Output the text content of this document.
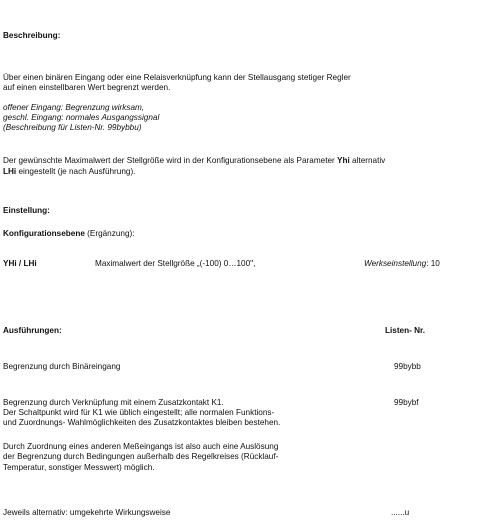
Beschreibung:
Über einen binären Eingang oder eine Relaisverknüpfung kann der Stellausgang stetiger Regler
auf einen einstellbaren Wert begrenzt werden.
offener Eingang: Begrenzung wirksam,
geschl. Eingang: normales Ausgangssignal
(Beschreibung für Listen-Nr. 99bybbu)
Der gewünschte Maximalwert der Stellgröße wird in der Konfigurationsebene als Parameter Yhi alternativ
LHi eingestellt (je nach Ausführung).
Einstellung:
Konfigurationsebene (Ergänzung):
YHi / LHi	Maximalwert der Stellgröße „(-100) 0…100",	Werkseinstellung: 10
Ausführungen:	Listen- Nr.
Begrenzung durch Binäreingang	99bybb
Begrenzung durch Verknüpfung mit einem Zusatzkontakt K1.	99bybf
Der Schaltpunkt wird für K1 wie üblich eingestellt; alle normalen Funktions-
und Zuordnungs- Wahlmöglichkeiten des Zusatzkontaktes bleiben bestehen.
Durch Zuordnung eines anderen Meßeingangs ist also auch eine Auslösung
der Begrenzung durch Bedingungen außerhalb des Regelkreises (Rücklauf-
Temperatur, sonstiger Messwert) möglich.
Jeweils alternativ: umgekehrte Wirkungsweise	......u
